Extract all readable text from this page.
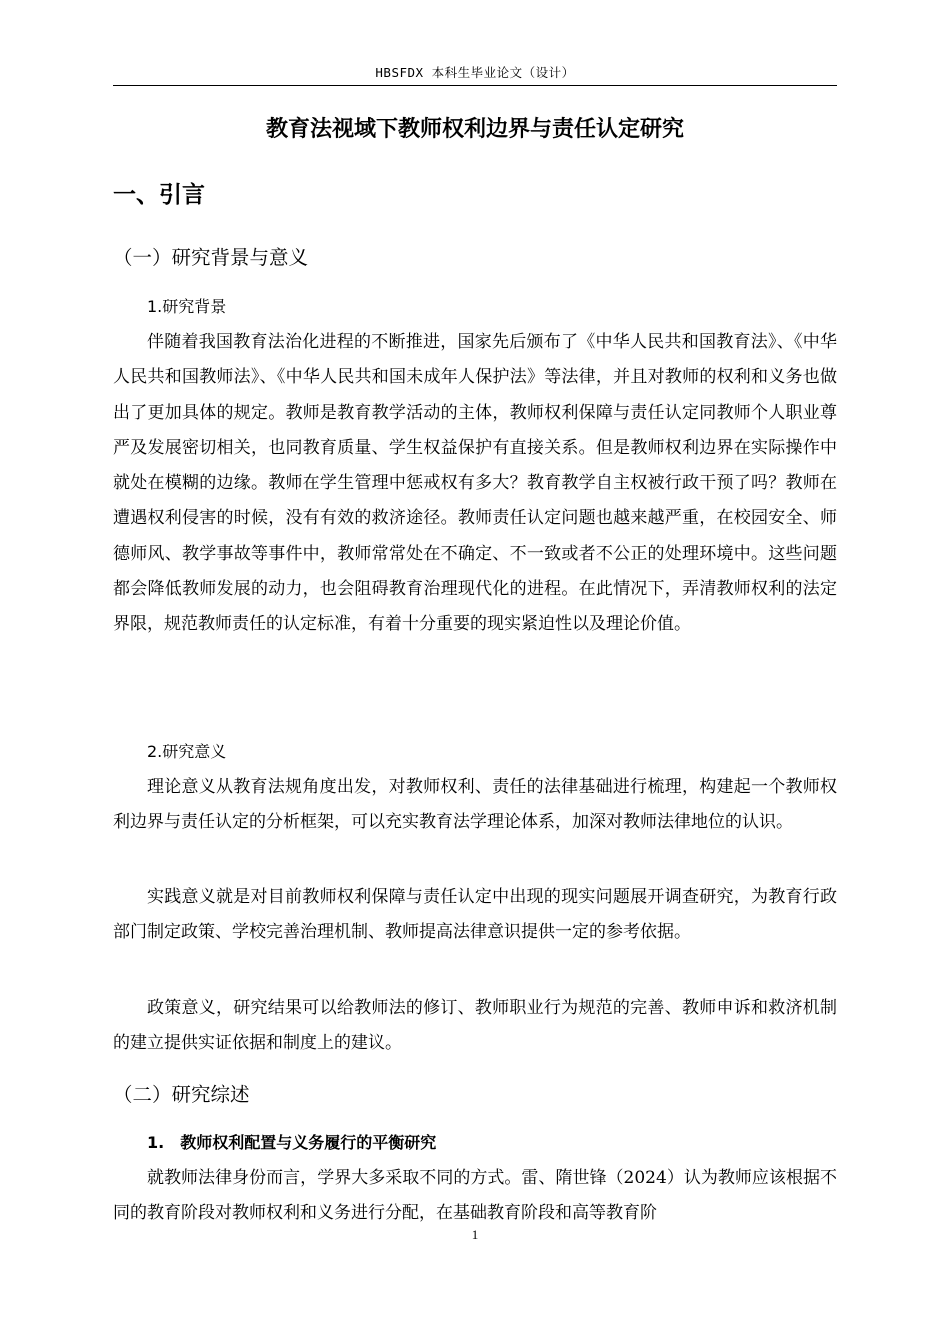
HBSFDX 本科生毕业论文（设计）
教育法视域下教师权利边界与责任认定研究
一、引言
（一）研究背景与意义
1.研究背景

伴随着我国教育法治化进程的不断推进，国家先后颁布了《中华人民共和国教育法》、《中华人民共和国教师法》、《中华人民共和国未成年人保护法》等法律，并且对教师的权利和义务也做出了更加具体的规定。教师是教育教学活动的主体，教师权利保障与责任认定同教师个人职业尊严及发展密切相关，也同教育质量、学生权益保护有直接关系。但是教师权利边界在实际操作中就处在模糊的边缘。教师在学生管理中惩戒权有多大？教育教学自主权被行政干预了吗？教师在遭遇权利侵害的时候，没有有效的救济途径。教师责任认定问题也越来越严重，在校园安全、师德师风、教学事故等事件中，教师常常处在不确定、不一致或者不公正的处理环境中。这些问题都会降低教师发展的动力，也会阻碍教育治理现代化的进程。在此情况下，弄清教师权利的法定界限，规范教师责任的认定标准，有着十分重要的现实紧迫性以及理论价值。

2.研究意义

理论意义从教育法规角度出发，对教师权利、责任的法律基础进行梳理，构建起一个教师权利边界与责任认定的分析框架，可以充实教育法学理论体系，加深对教师法律地位的认识。

实践意义就是对目前教师权利保障与责任认定中出现的现实问题展开调查研究，为教育行政部门制定政策、学校完善治理机制、教师提高法律意识提供一定的参考依据。

政策意义，研究结果可以给教师法的修订、教师职业行为规范的完善、教师申诉和救济机制的建立提供实证依据和制度上的建议。

（二）研究综述
1.　教师权利配置与义务履行的平衡研究

就教师法律身份而言，学界大多采取不同的方式。雷、隋世锋（2024）认为教师应该根据不同的教育阶段对教师权利和义务进行分配，在基础教育阶段和高等教育阶

1
